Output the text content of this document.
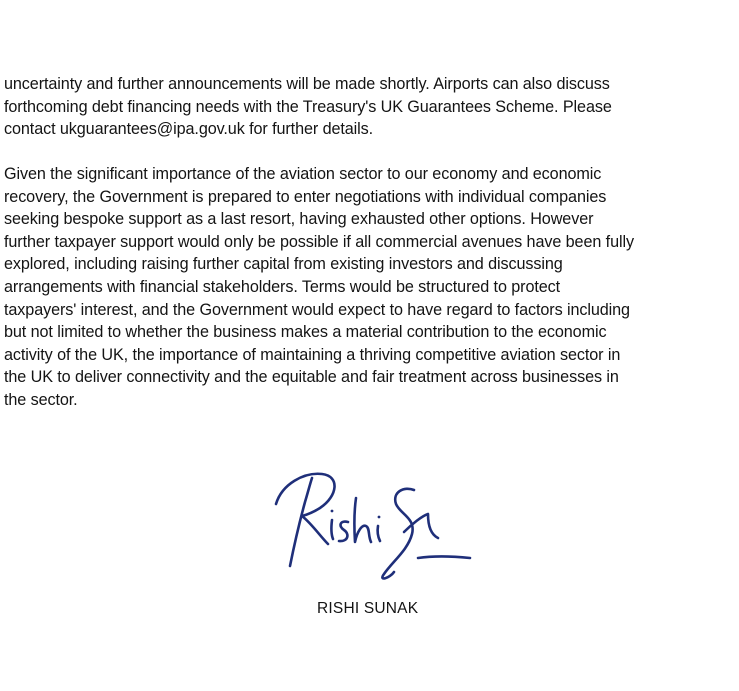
uncertainty and further announcements will be made shortly. Airports can also discuss
forthcoming debt financing needs with the Treasury's UK Guarantees Scheme. Please
contact ukguarantees@ipa.gov.uk for further details.

Given the significant importance of the aviation sector to our economy and economic
recovery, the Government is prepared to enter negotiations with individual companies
seeking bespoke support as a last resort, having exhausted other options. However
further taxpayer support would only be possible if all commercial avenues have been fully
explored, including raising further capital from existing investors and discussing
arrangements with financial stakeholders. Terms would be structured to protect
taxpayers' interest, and the Government would expect to have regard to factors including
but not limited to whether the business makes a material contribution to the economic
activity of the UK, the importance of maintaining a thriving competitive aviation sector in
the UK to deliver connectivity and the equitable and fair treatment across businesses in
the sector.

RISHI SUNAK
